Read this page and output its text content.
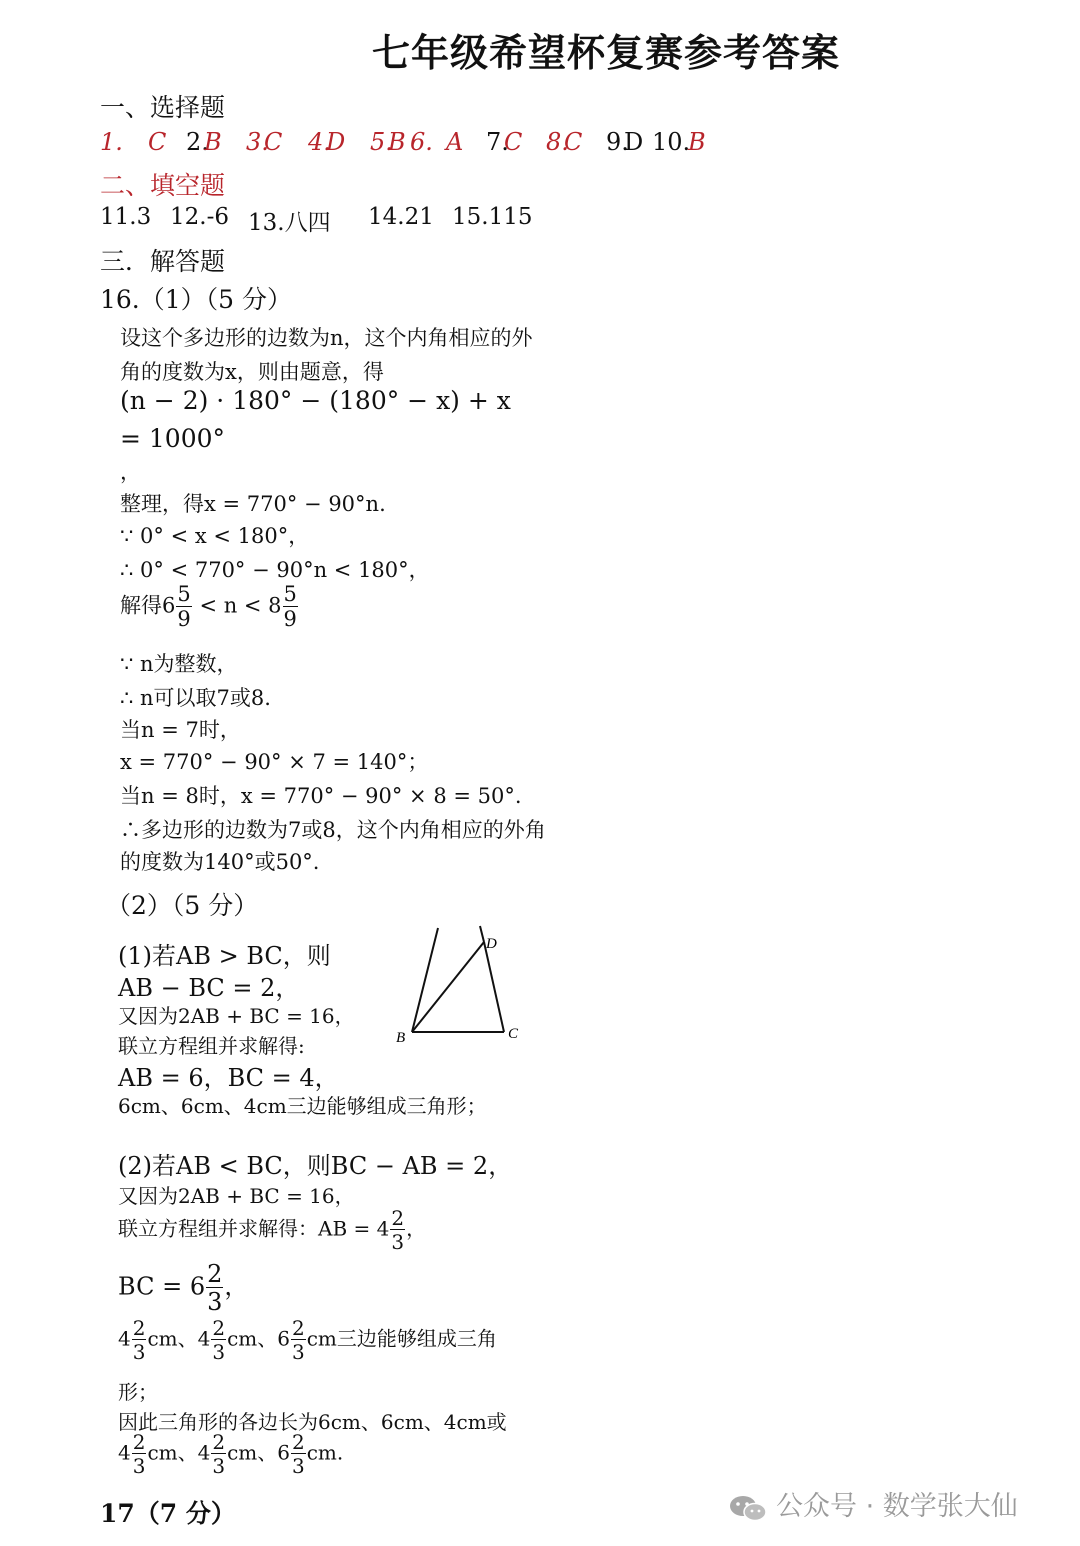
七年级希望杯复赛参考答案
一、选择题
1. C 2.
B 3.
C 4.
D 5.
B 6. A 7.
C 8.
C 9.
D 10.
B
二、填空题
11.3 12.-6 13.八四 14.21 15.115
三．解答题
16.（1）（5 分）
设这个多边形的边数为n，这个内角相应的外
角的度数为x，则由题意，得
(n − 2) · 180° − (180° − x) + x
= 1000°
，
整理，得x = 770° − 90°n.
∵ 0° < x < 180°，
∴ 0° < 770° − 90°n < 180°，
解得$6 \frac{5}{9} < n < 8 \frac{5}{9}$
∵ n为整数，
∴ n可以取7或8.
当n = 7时，
x = 770° − 90° × 7 = 140°；
当n = 8时，x = 770° − 90° × 8 = 50°.
∴多边形的边数为7或8，这个内角相应的外角
的度数为140°或50°.
（2）（5 分）
B	C
D
(1)若AB > BC，则
AB − BC = 2，
又因为2AB + BC = 16，
联立方程组并求解得:
AB = 6，BC = 4，
6cm、6cm、4cm三边能够组成三角形；
(2)若AB < BC，则BC − AB = 2，
又因为2AB + BC = 16，
联立方程组并求解得：AB = $4 \frac{2}{3}$ ，
BC = $6 \frac{2}{3}$ ，
$4 \frac{2}{3}$ cm、$4 \frac{2}{3}$ cm、$6 \frac{2}{3}$ cm三边能够组成三角
形；
因此三角形的各边长为6cm、6cm、4cm或
$4 \frac{2}{3}$ cm、$4 \frac{2}{3}$ cm、$6 \frac{2}{3}$ cm.
17（7 分）	公众号 · 数学张大仙
